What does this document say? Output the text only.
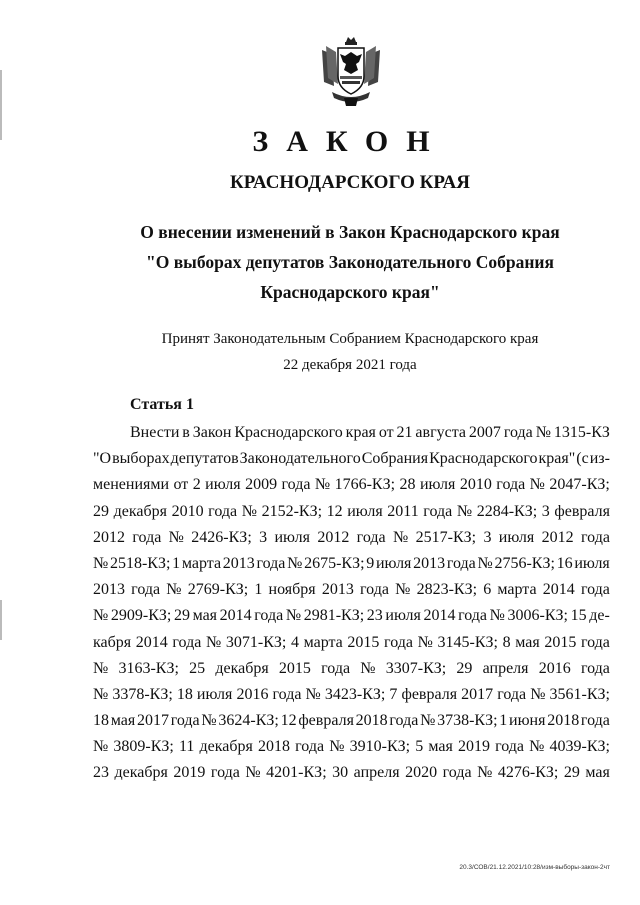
ЗАКОН
КРАСНОДАРСКОГО КРАЯ
О внесении изменений в Закон Краснодарского края
"О выборах депутатов Законодательного Собрания
Краснодарского края"
Принят Законодательным Собранием Краснодарского края
22 декабря 2021 года
Статья 1
Внести в Закон Краснодарского края от 21 августа 2007 года № 1315-КЗ
"О выборах депутатов Законодательного Собрания Краснодарского края" (с из-
менениями от 2 июля 2009 года № 1766-КЗ; 28 июля 2010 года № 2047-КЗ;
29 декабря 2010 года № 2152-КЗ; 12 июля 2011 года № 2284-КЗ; 3 февраля
2012 года № 2426-КЗ; 3 июля 2012 года № 2517-КЗ; 3 июля 2012 года
№ 2518-КЗ; 1 марта 2013 года № 2675-КЗ; 9 июля 2013 года № 2756-КЗ; 16 июля
2013 года № 2769-КЗ; 1 ноября 2013 года № 2823-КЗ; 6 марта 2014 года
№ 2909-КЗ; 29 мая 2014 года № 2981-КЗ; 23 июля 2014 года № 3006-КЗ; 15 де-
кабря 2014 года № 3071-КЗ; 4 марта 2015 года № 3145-КЗ; 8 мая 2015 года
№ 3163-КЗ; 25 декабря 2015 года № 3307-КЗ; 29 апреля 2016 года
№ 3378-КЗ; 18 июля 2016 года № 3423-КЗ; 7 февраля 2017 года № 3561-КЗ;
18 мая 2017 года № 3624-КЗ; 12 февраля 2018 года № 3738-КЗ; 1 июня 2018 года
№ 3809-КЗ; 11 декабря 2018 года № 3910-КЗ; 5 мая 2019 года № 4039-КЗ;
23 декабря 2019 года № 4201-КЗ; 30 апреля 2020 года № 4276-КЗ; 29 мая
20.3/СОВ/21.12.2021/10:28/изм-выборы-закон-2чт
